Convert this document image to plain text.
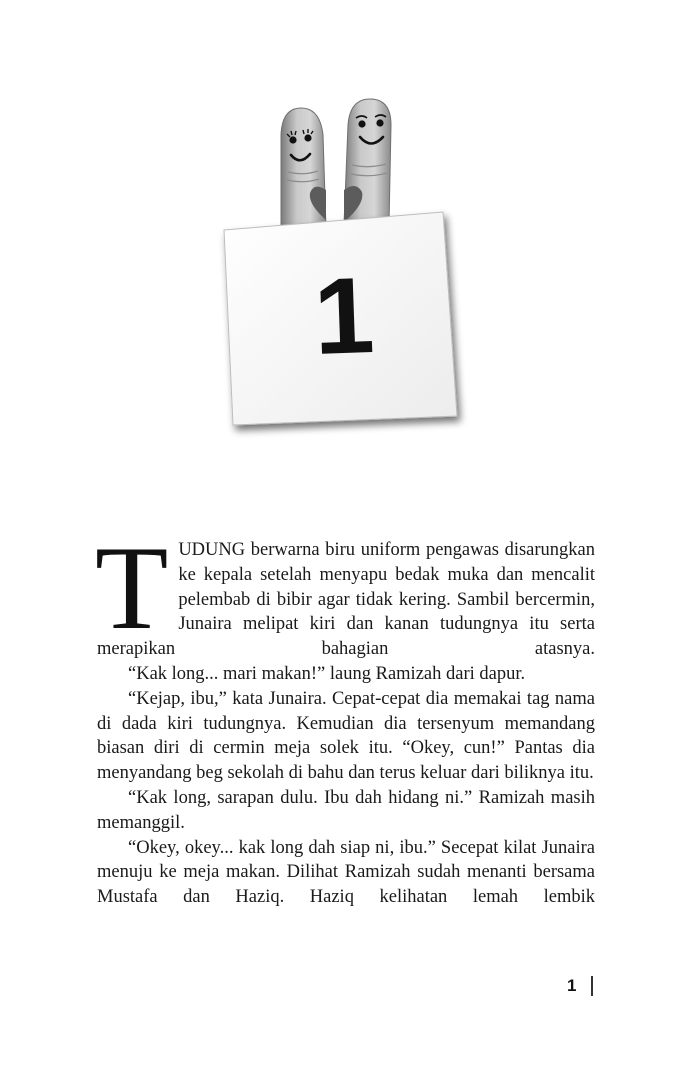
1

TUDUNG berwarna biru uniform pengawas disarungkan ke kepala setelah menyapu bedak muka dan mencalit pelembab di bibir agar tidak kering. Sambil bercermin, Junaira melipat kiri dan kanan tudungnya itu serta merapikan bahagian atasnya.

“Kak long... mari makan!” laung Ramizah dari dapur.

“Kejap, ibu,” kata Junaira. Cepat-cepat dia memakai tag nama di dada kiri tudungnya. Kemudian dia tersenyum memandang biasan diri di cermin meja solek itu. “Okey, cun!” Pantas dia menyandang beg sekolah di bahu dan terus keluar dari biliknya itu.

“Kak long, sarapan dulu. Ibu dah hidang ni.” Ramizah masih memanggil.

“Okey, okey... kak long dah siap ni, ibu.” Secepat kilat Junaira menuju ke meja makan. Dilihat Ramizah sudah menanti bersama Mustafa dan Haziq. Haziq kelihatan lemah lembik

1
